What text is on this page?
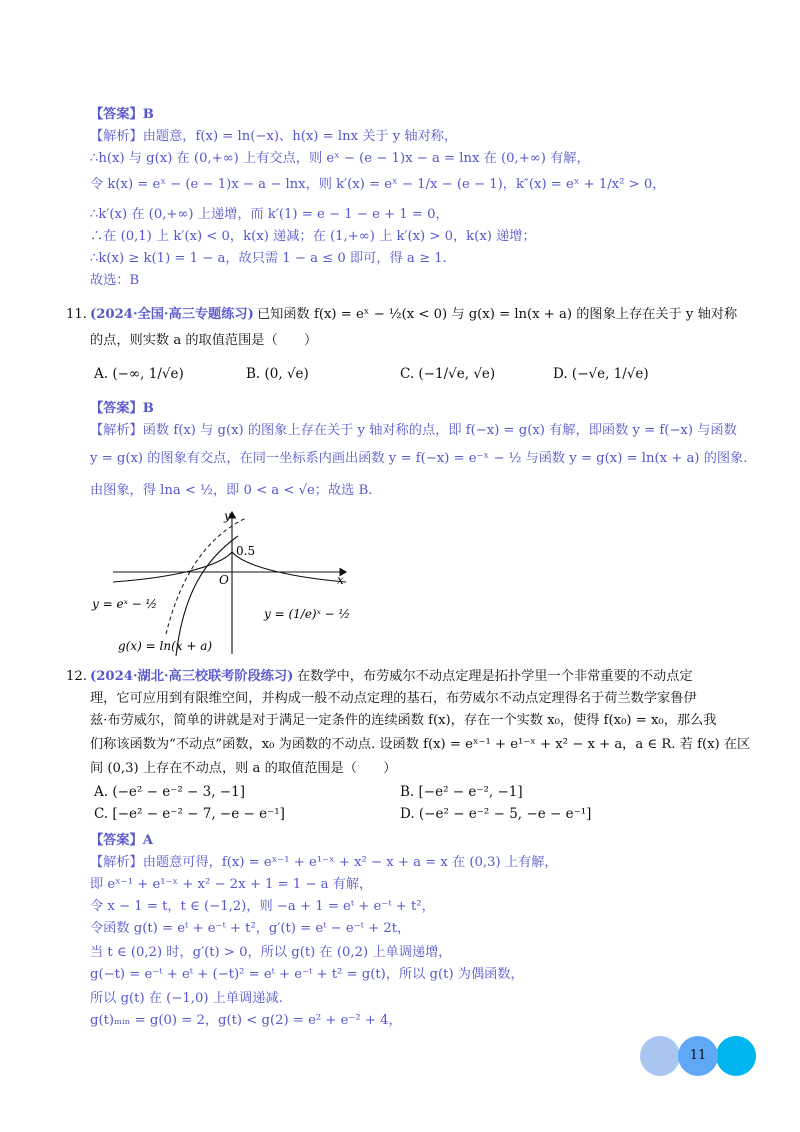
【答案】B
【解析】由题意，f(x) = ln(−x)、h(x) = lnx 关于 y 轴对称，
∴h(x) 与 g(x) 在 (0,+∞) 上有交点，则 eˣ − (e − 1)x − a = lnx 在 (0,+∞) 有解，
令 k(x) = eˣ − (e − 1)x − a − lnx，则 k′(x) = eˣ − 1/x − (e − 1)，k″(x) = eˣ + 1/x² > 0，
∴k′(x) 在 (0,+∞) 上递增，而 k′(1) = e − 1 − e + 1 = 0，
∴在 (0,1) 上 k′(x) < 0，k(x) 递减；在 (1,+∞) 上 k′(x) > 0，k(x) 递增；
∴k(x) ≥ k(1) = 1 − a，故只需 1 − a ≤ 0 即可，得 a ≥ 1.
故选：B
11. (2024·全国·高三专题练习) 已知函数 f(x) = eˣ − ½(x < 0) 与 g(x) = ln(x + a) 的图象上存在关于 y 轴对称
的点，则实数 a 的取值范围是（　　）
A. (−∞, 1/√e)	B. (0, √e)	C. (−1/√e, √e)	D. (−√e, 1/√e)
【答案】B
【解析】函数 f(x) 与 g(x) 的图象上存在关于 y 轴对称的点，即 f(−x) = g(x) 有解，即函数 y = f(−x) 与函数
y = g(x) 的图象有交点，在同一坐标系内画出函数 y = f(−x) = e⁻ˣ − ½ 与函数 y = g(x) = ln(x + a) 的图象.
由图象，得 lna < ½，即 0 < a < √e；故选 B.
y
x
O
0.5
y = eˣ − ½
y = (1/e)ˣ − ½
g(x) = ln(x + a)
12. (2024·湖北·高三校联考阶段练习) 在数学中，布劳威尔不动点定理是拓扑学里一个非常重要的不动点定
理，它可应用到有限维空间，并构成一般不动点定理的基石，布劳威尔不动点定理得名于荷兰数学家鲁伊
兹·布劳威尔，简单的讲就是对于满足一定条件的连续函数 f(x)，存在一个实数 x₀，使得 f(x₀) = x₀，那么我
们称该函数为“不动点”函数，x₀ 为函数的不动点. 设函数 f(x) = eˣ⁻¹ + e¹⁻ˣ + x² − x + a，a ∈ R. 若 f(x) 在区
间 (0,3) 上存在不动点，则 a 的取值范围是（　　）
A. (−e² − e⁻² − 3, −1]	B. [−e² − e⁻², −1]
C. [−e² − e⁻² − 7, −e − e⁻¹]	D. (−e² − e⁻² − 5, −e − e⁻¹]
【答案】A
【解析】由题意可得，f(x) = eˣ⁻¹ + e¹⁻ˣ + x² − x + a = x 在 (0,3) 上有解，
即 eˣ⁻¹ + e¹⁻ˣ + x² − 2x + 1 = 1 − a 有解，
令 x − 1 = t，t ∈ (−1,2)，则 −a + 1 = eᵗ + e⁻ᵗ + t²，
令函数 g(t) = eᵗ + e⁻ᵗ + t²，g′(t) = eᵗ − e⁻ᵗ + 2t，
当 t ∈ (0,2) 时，g′(t) > 0，所以 g(t) 在 (0,2) 上单调递增，
g(−t) = e⁻ᵗ + eᵗ + (−t)² = eᵗ + e⁻ᵗ + t² = g(t)，所以 g(t) 为偶函数，
所以 g(t) 在 (−1,0) 上单调递减.
g(t)ₘᵢₙ = g(0) = 2，g(t) < g(2) = e² + e⁻² + 4，
11
